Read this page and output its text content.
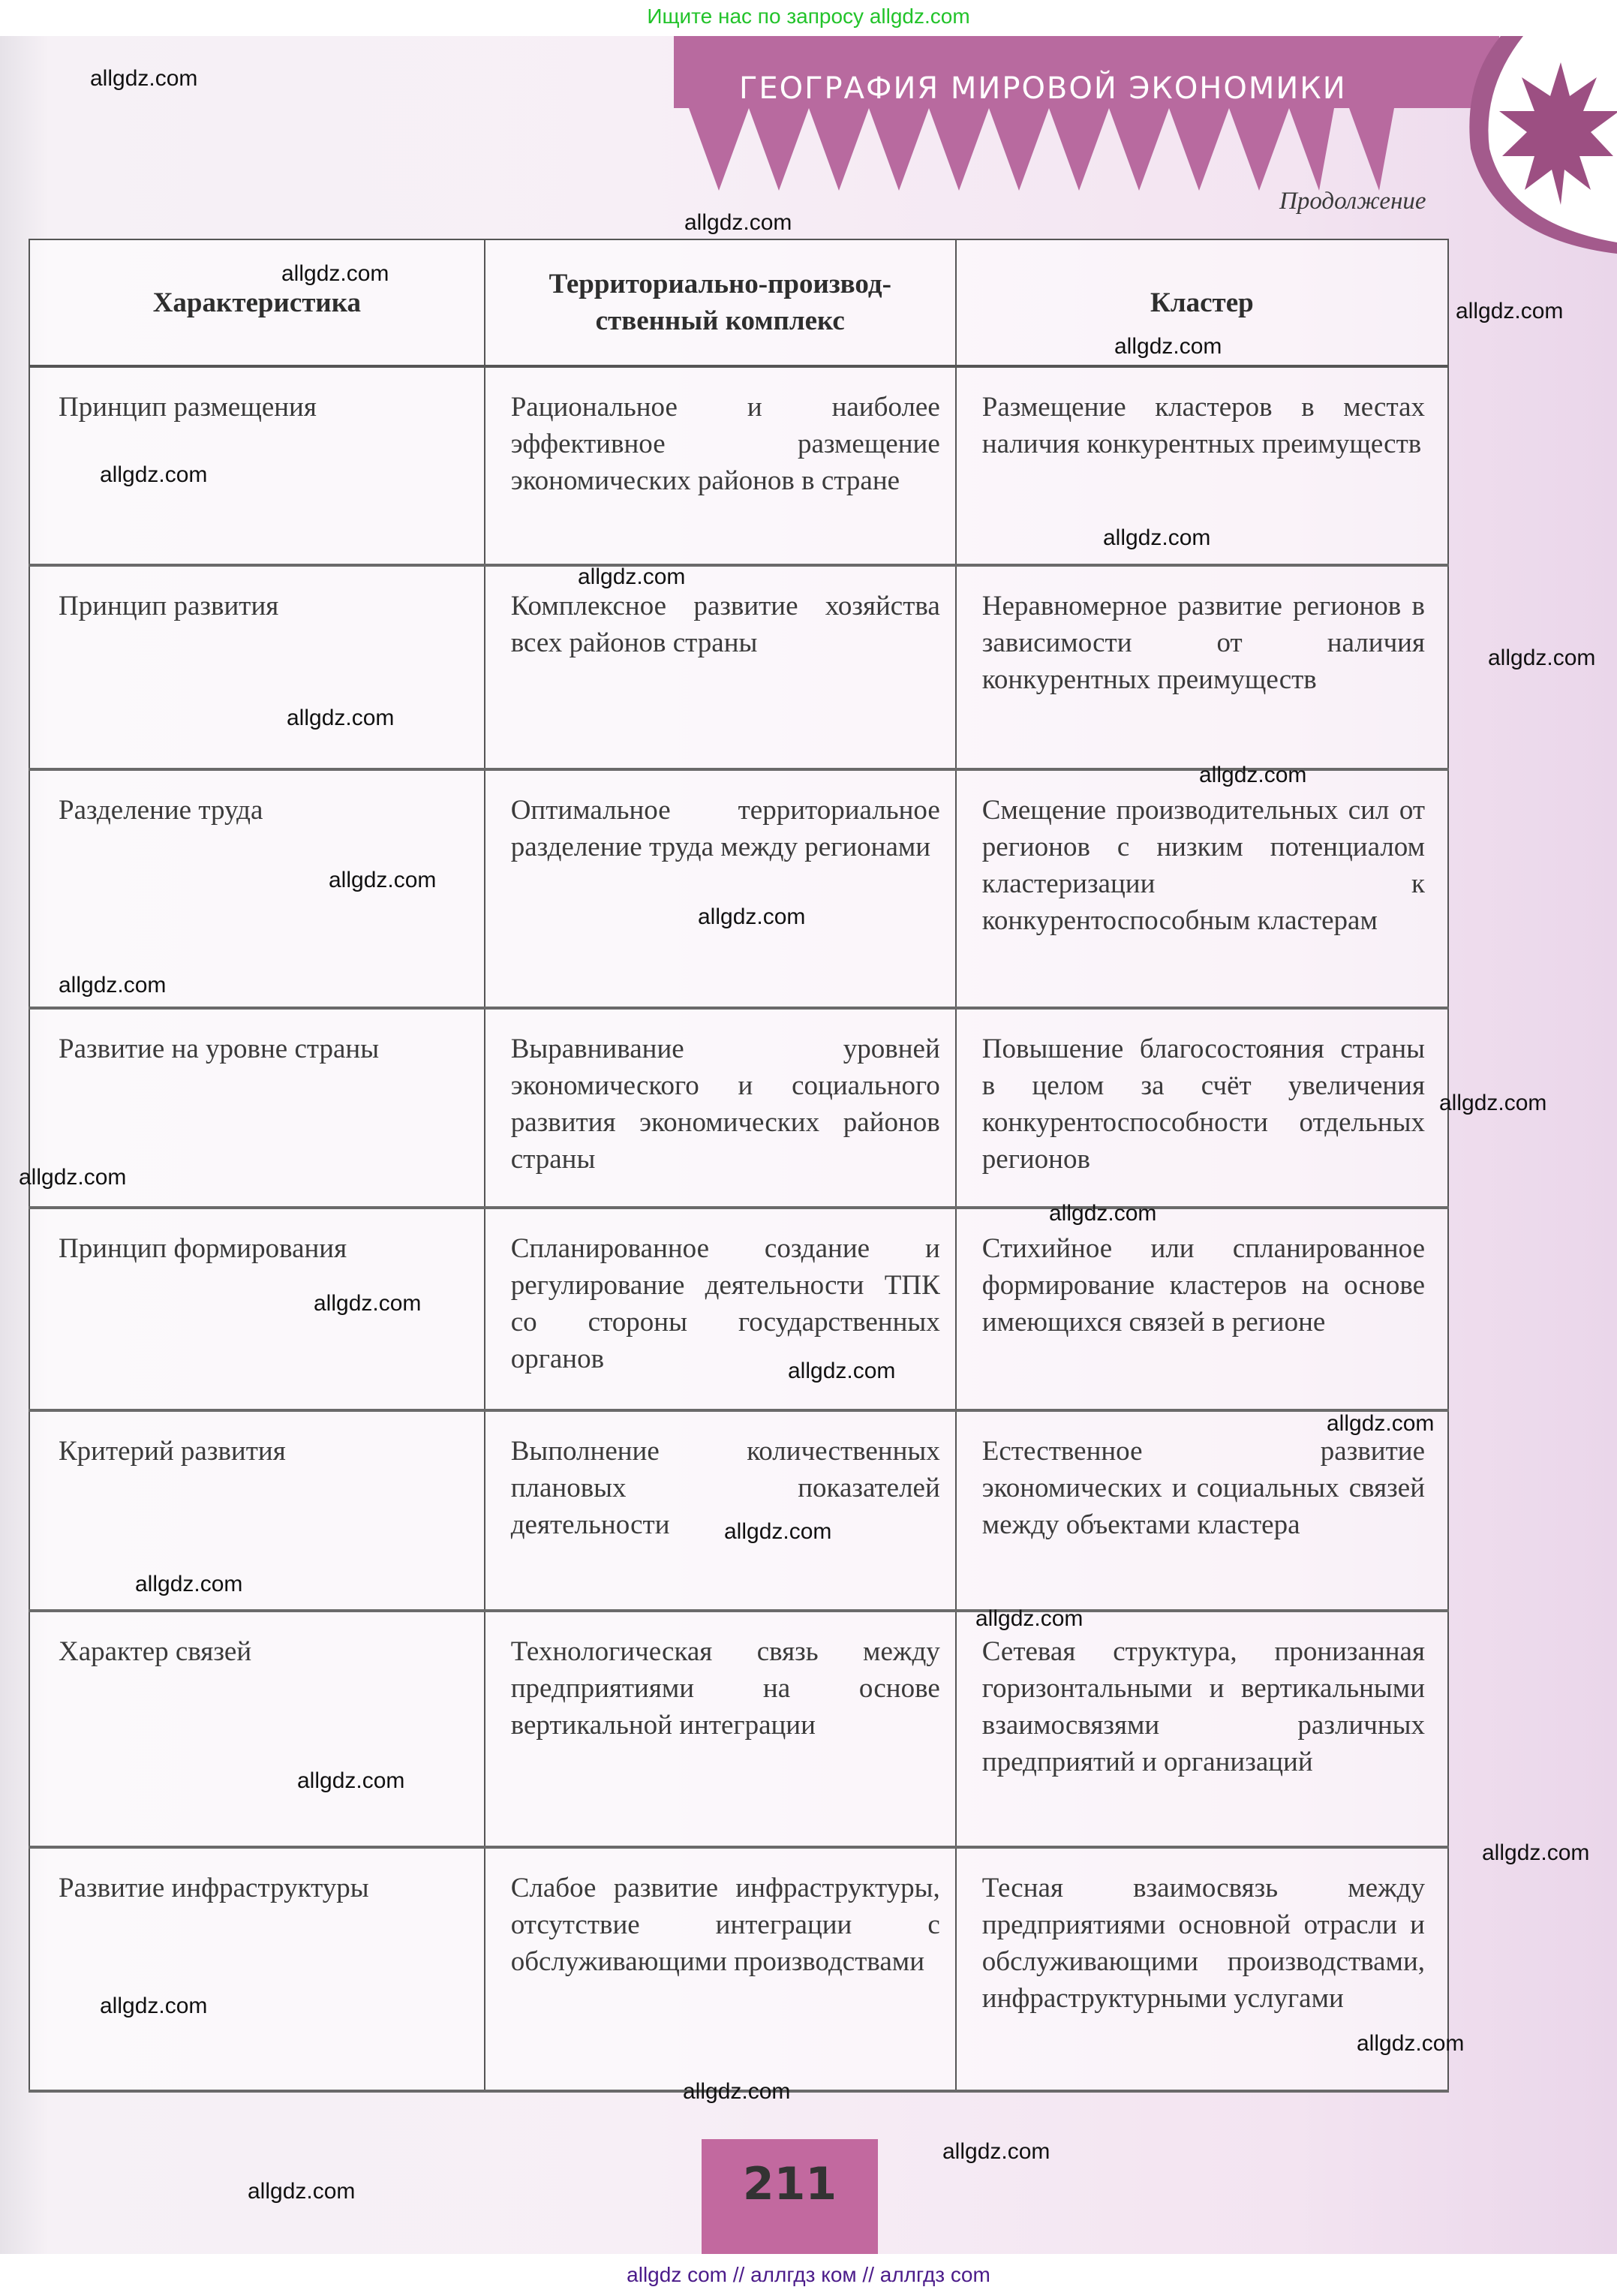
Ищите нас по запросу allgdz.com
ГЕОГРАФИЯ МИРОВОЙ ЭКОНОМИКИ
Продолжение
Характеристика	Территориально-производ-ственный комплекс	Кластер
Принцип размещения	Рациональное и наиболее эффективное размещение экономических районов в стране	Размещение кластеров в местах наличия конкурентных преимуществ
Принцип развития	Комплексное развитие хозяйства всех районов страны	Неравномерное развитие регионов в зависимости от наличия конкурентных преимуществ
Разделение труда	Оптимальное территориальное разделение труда между регионами	Смещение производительных сил от регионов с низким потенциалом кластеризации к конкурентоспособным кластерам
Развитие на уровне страны	Выравнивание уровней экономического и социального развития экономических районов страны	Повышение благосостояния страны в целом за счёт увеличения конкурентоспособности отдельных регионов
Принцип формирования	Спланированное создание и регулирование деятельности ТПК со стороны государственных органов	Стихийное или спланированное формирование кластеров на основе имеющихся связей в регионе
Критерий развития	Выполнение количественных плановых показателей деятельности	Естественное развитие экономических и социальных связей между объектами кластера
Характер связей	Технологическая связь между предприятиями на основе вертикальной интеграции	Сетевая структура, пронизанная горизонтальными и вертикальными взаимосвязями различных предприятий и организаций
Развитие инфраструктуры	Слабое развитие инфраструктуры, отсутствие интеграции с обслуживающими производствами	Тесная взаимосвязь между предприятиями основной отрасли и обслуживающими производствами, инфраструктурными услугами
211
allgdz.com
allgdz.com
allgdz.com
allgdz.com
allgdz.com
allgdz.com
allgdz.com
allgdz.com
allgdz.com
allgdz.com
allgdz.com
allgdz.com
allgdz.com
allgdz.com
allgdz.com
allgdz.com
allgdz.com
allgdz.com
allgdz.com
allgdz.com
allgdz.com
allgdz.com
allgdz.com
allgdz.com
allgdz.com
allgdz.com
allgdz.com
allgdz.com
allgdz.com
allgdz.com
allgdz com // аллгдз ком // аллгдз com
